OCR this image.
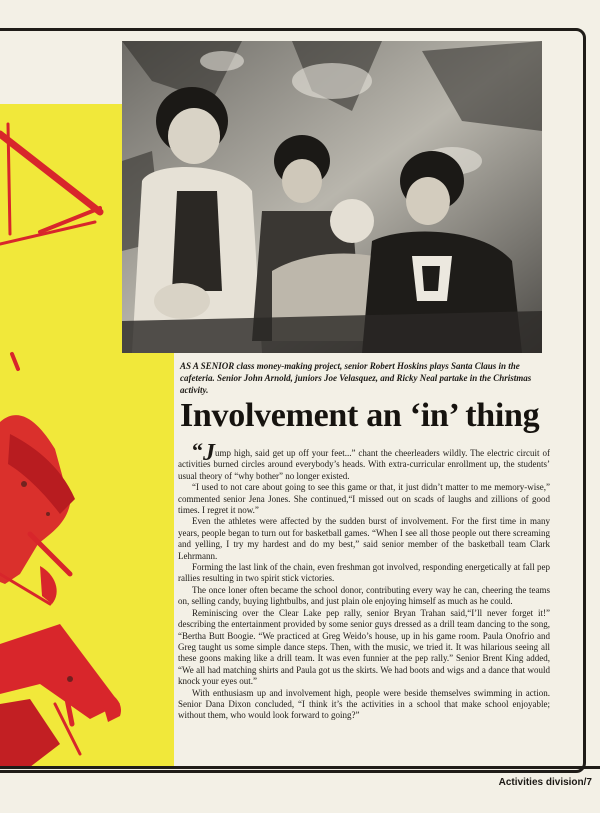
AS A SENIOR class money-making project, senior Robert Hoskins plays Santa Claus in the cafeteria. Senior John Arnold, juniors Joe Velasquez, and Ricky Neal partake in the Christmas activity.
Involvement an ‘in’ thing

“Jump high, said get up off your feet...” chant the cheerleaders wildly. The electric circuit of activities burned circles around everybody’s heads. With extra-curricular enrollment up, the students’ usual theory of “why bother” no longer existed.

“I used to not care about going to see this game or that, it just didn’t matter to me memory-wise,” commented senior Jena Jones. She continued,“I missed out on scads of laughs and zillions of good times. I regret it now.”

Even the athletes were affected by the sudden burst of involvement. For the first time in many years, people began to turn out for basketball games. “When I see all those people out there screaming and yelling, I try my hardest and do my best,” said senior member of the basketball team Clark Lehrmann.

Forming the last link of the chain, even freshman got involved, responding energetically at fall pep rallies resulting in two spirit stick victories.

The once loner often became the school donor, contributing every way he can, cheering the teams on, selling candy, buying lightbulbs, and just plain ole enjoying himself as much as he could.

Reminiscing over the Clear Lake pep rally, senior Bryan Trahan said,“I’ll never forget it!” describing the entertainment provided by some senior guys dressed as a drill team dancing to the song, “Bertha Butt Boogie. “We practiced at Greg Weido’s house, up in his game room. Paula Onofrio and Greg taught us some simple dance steps. Then, with the music, we tried it. It was hilarious seeing all these goons making like a drill team. It was even funnier at the pep rally.” Senior Brent King added, “We all had matching shirts and Paula got us the skirts. We had boots and wigs and a dance that would knock your eyes out.”

With enthusiasm up and involvement high, people were beside themselves swimming in action. Senior Dana Dixon concluded, “I think it’s the activities in a school that make school enjoyable; without them, who would look forward to going?”

Activities division/7
